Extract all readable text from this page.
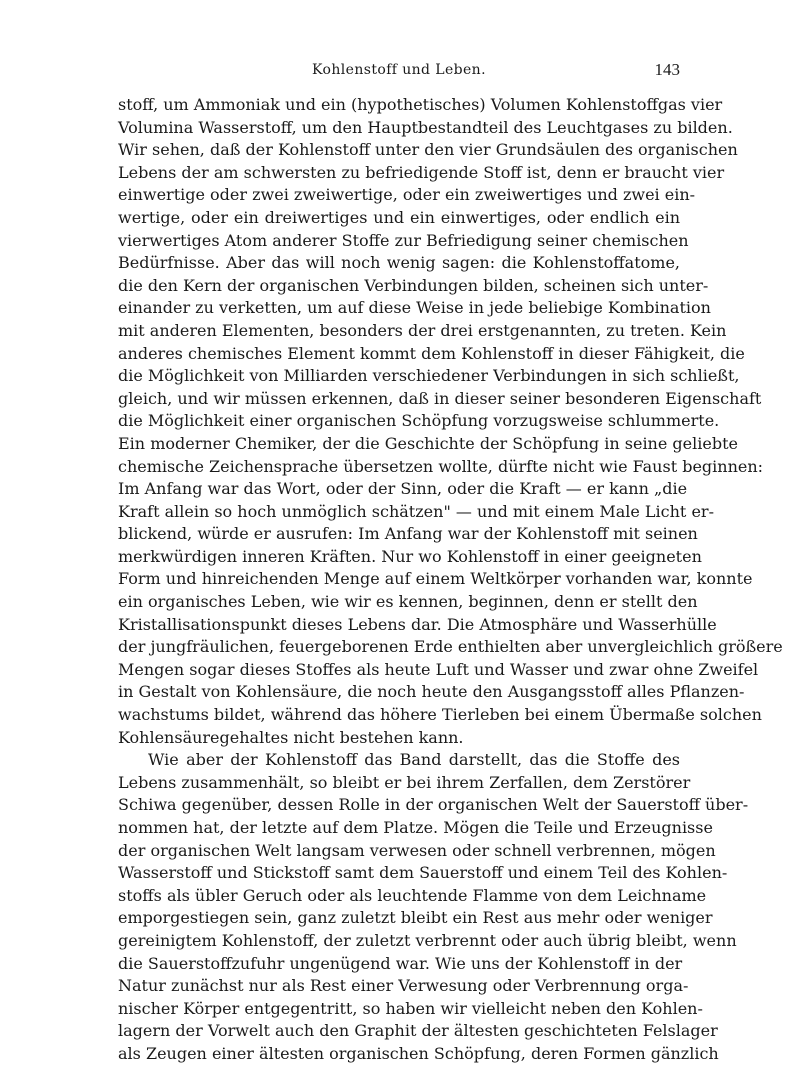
Kohlenstoff und Leben.	143
stoff, um Ammoniak und ein (hypothetisches) Volumen Kohlenstoffgas vier
Volumina Wasserstoff, um den Hauptbestandteil des Leuchtgases zu bilden.
Wir sehen, daß der Kohlenstoff unter den vier Grundsäulen des organischen
Lebens der am schwersten zu befriedigende Stoff ist, denn er braucht vier
einwertige oder zwei zweiwertige, oder ein zweiwertiges und zwei ein-
wertige, oder ein dreiwertiges und ein einwertiges, oder endlich ein
vierwertiges Atom anderer Stoffe zur Befriedigung seiner chemischen
Bedürfnisse. Aber das will noch wenig sagen: die Kohlenstoffatome,
die den Kern der organischen Verbindungen bilden, scheinen sich unter-
einander zu verketten, um auf diese Weise in jede beliebige Kombination
mit anderen Elementen, besonders der drei erstgenannten, zu treten. Kein
anderes chemisches Element kommt dem Kohlenstoff in dieser Fähigkeit, die
die Möglichkeit von Milliarden verschiedener Verbindungen in sich schließt,
gleich, und wir müssen erkennen, daß in dieser seiner besonderen Eigenschaft
die Möglichkeit einer organischen Schöpfung vorzugsweise schlummerte.
Ein moderner Chemiker, der die Geschichte der Schöpfung in seine geliebte
chemische Zeichensprache übersetzen wollte, dürfte nicht wie Faust beginnen:
Im Anfang war das Wort, oder der Sinn, oder die Kraft — er kann „die
Kraft allein so hoch unmöglich schätzen" — und mit einem Male Licht er-
blickend, würde er ausrufen: Im Anfang war der Kohlenstoff mit seinen
merkwürdigen inneren Kräften. Nur wo Kohlenstoff in einer geeigneten
Form und hinreichenden Menge auf einem Weltkörper vorhanden war, konnte
ein organisches Leben, wie wir es kennen, beginnen, denn er stellt den
Kristallisationspunkt dieses Lebens dar. Die Atmosphäre und Wasserhülle
der jungfräulichen, feuergeborenen Erde enthielten aber unvergleichlich größere
Mengen sogar dieses Stoffes als heute Luft und Wasser und zwar ohne Zweifel
in Gestalt von Kohlensäure, die noch heute den Ausgangsstoff alles Pflanzen-
wachstums bildet, während das höhere Tierleben bei einem Übermaße solchen
Kohlensäuregehaltes nicht bestehen kann.
Wie aber der Kohlenstoff das Band darstellt, das die Stoffe des
Lebens zusammenhält, so bleibt er bei ihrem Zerfallen, dem Zerstörer
Schiwa gegenüber, dessen Rolle in der organischen Welt der Sauerstoff über-
nommen hat, der letzte auf dem Platze. Mögen die Teile und Erzeugnisse
der organischen Welt langsam verwesen oder schnell verbrennen, mögen
Wasserstoff und Stickstoff samt dem Sauerstoff und einem Teil des Kohlen-
stoffs als übler Geruch oder als leuchtende Flamme von dem Leichname
emporgestiegen sein, ganz zuletzt bleibt ein Rest aus mehr oder weniger
gereinigtem Kohlenstoff, der zuletzt verbrennt oder auch übrig bleibt, wenn
die Sauerstoffzufuhr ungenügend war. Wie uns der Kohlenstoff in der
Natur zunächst nur als Rest einer Verwesung oder Verbrennung orga-
nischer Körper entgegentritt, so haben wir vielleicht neben den Kohlen-
lagern der Vorwelt auch den Graphit der ältesten geschichteten Felslager
als Zeugen einer ältesten organischen Schöpfung, deren Formen gänzlich
